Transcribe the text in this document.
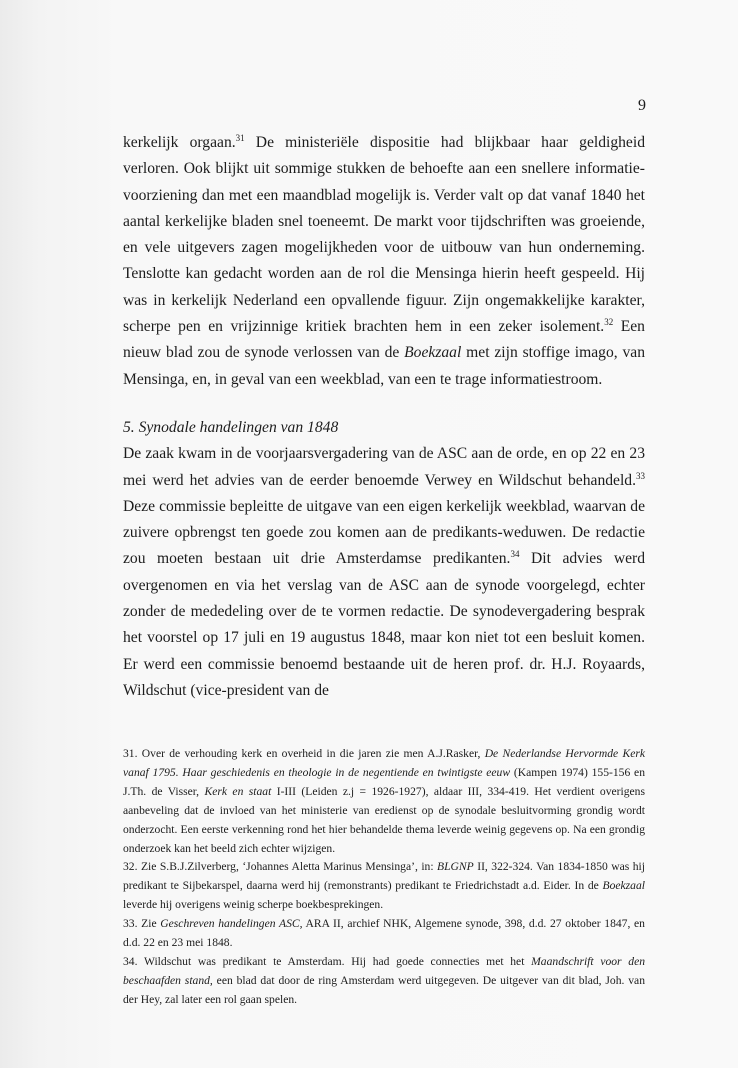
9

kerkelijk orgaan.$^{31}$ De ministeriële dispositie had blijkbaar haar geldigheid verloren. Ook blijkt uit sommige stukken de behoefte aan een snellere informatie-voorziening dan met een maandblad mogelijk is. Verder valt op dat vanaf 1840 het aantal kerkelijke bladen snel toeneemt. De markt voor tijdschriften was groeiende, en vele uitgevers zagen mogelijkheden voor de uitbouw van hun onderneming. Tenslotte kan gedacht worden aan de rol die Mensinga hierin heeft gespeeld. Hij was in kerkelijk Nederland een opvallende figuur. Zijn ongemakkelijke karakter, scherpe pen en vrijzinnige kritiek brachten hem in een zeker isolement.$^{32}$ Een nieuw blad zou de synode verlossen van de Boekzaal met zijn stoffige imago, van Mensinga, en, in geval van een weekblad, van een te trage informatiestroom.

5. Synodale handelingen van 1848

De zaak kwam in de voorjaarsvergadering van de ASC aan de orde, en op 22 en 23 mei werd het advies van de eerder benoemde Verwey en Wildschut behandeld.$^{33}$ Deze commissie bepleitte de uitgave van een eigen kerkelijk weekblad, waarvan de zuivere opbrengst ten goede zou komen aan de predikants-weduwen. De redactie zou moeten bestaan uit drie Amsterdamse predikanten.$^{34}$ Dit advies werd overgenomen en via het verslag van de ASC aan de synode voorgelegd, echter zonder de mededeling over de te vormen redactie. De synodevergadering besprak het voorstel op 17 juli en 19 augustus 1848, maar kon niet tot een besluit komen. Er werd een commissie benoemd bestaande uit de heren prof. dr. H.J. Royaards, Wildschut (vice-president van de

31. Over de verhouding kerk en overheid in die jaren zie men A.J.Rasker, De Nederlandse Hervormde Kerk vanaf 1795. Haar geschiedenis en theologie in de negentiende en twintigste eeuw (Kampen 1974) 155-156 en J.Th. de Visser, Kerk en staat I-III (Leiden z.j = 1926-1927), aldaar III, 334-419. Het verdient overigens aanbeveling dat de invloed van het ministerie van eredienst op de synodale besluitvorming grondig wordt onderzocht. Een eerste verkenning rond het hier behandelde thema leverde weinig gegevens op. Na een grondig onderzoek kan het beeld zich echter wijzigen.

32. Zie S.B.J.Zilverberg, ‘Johannes Aletta Marinus Mensinga’, in: BLGNP II, 322-324. Van 1834-1850 was hij predikant te Sijbekarspel, daarna werd hij (remonstrants) predikant te Friedrichstadt a.d. Eider. In de Boekzaal leverde hij overigens weinig scherpe boekbesprekingen.

33. Zie Geschreven handelingen ASC, ARA II, archief NHK, Algemene synode, 398, d.d. 27 oktober 1847, en d.d. 22 en 23 mei 1848.

34. Wildschut was predikant te Amsterdam. Hij had goede connecties met het Maandschrift voor den beschaafden stand, een blad dat door de ring Amsterdam werd uitgegeven. De uitgever van dit blad, Joh. van der Hey, zal later een rol gaan spelen.
